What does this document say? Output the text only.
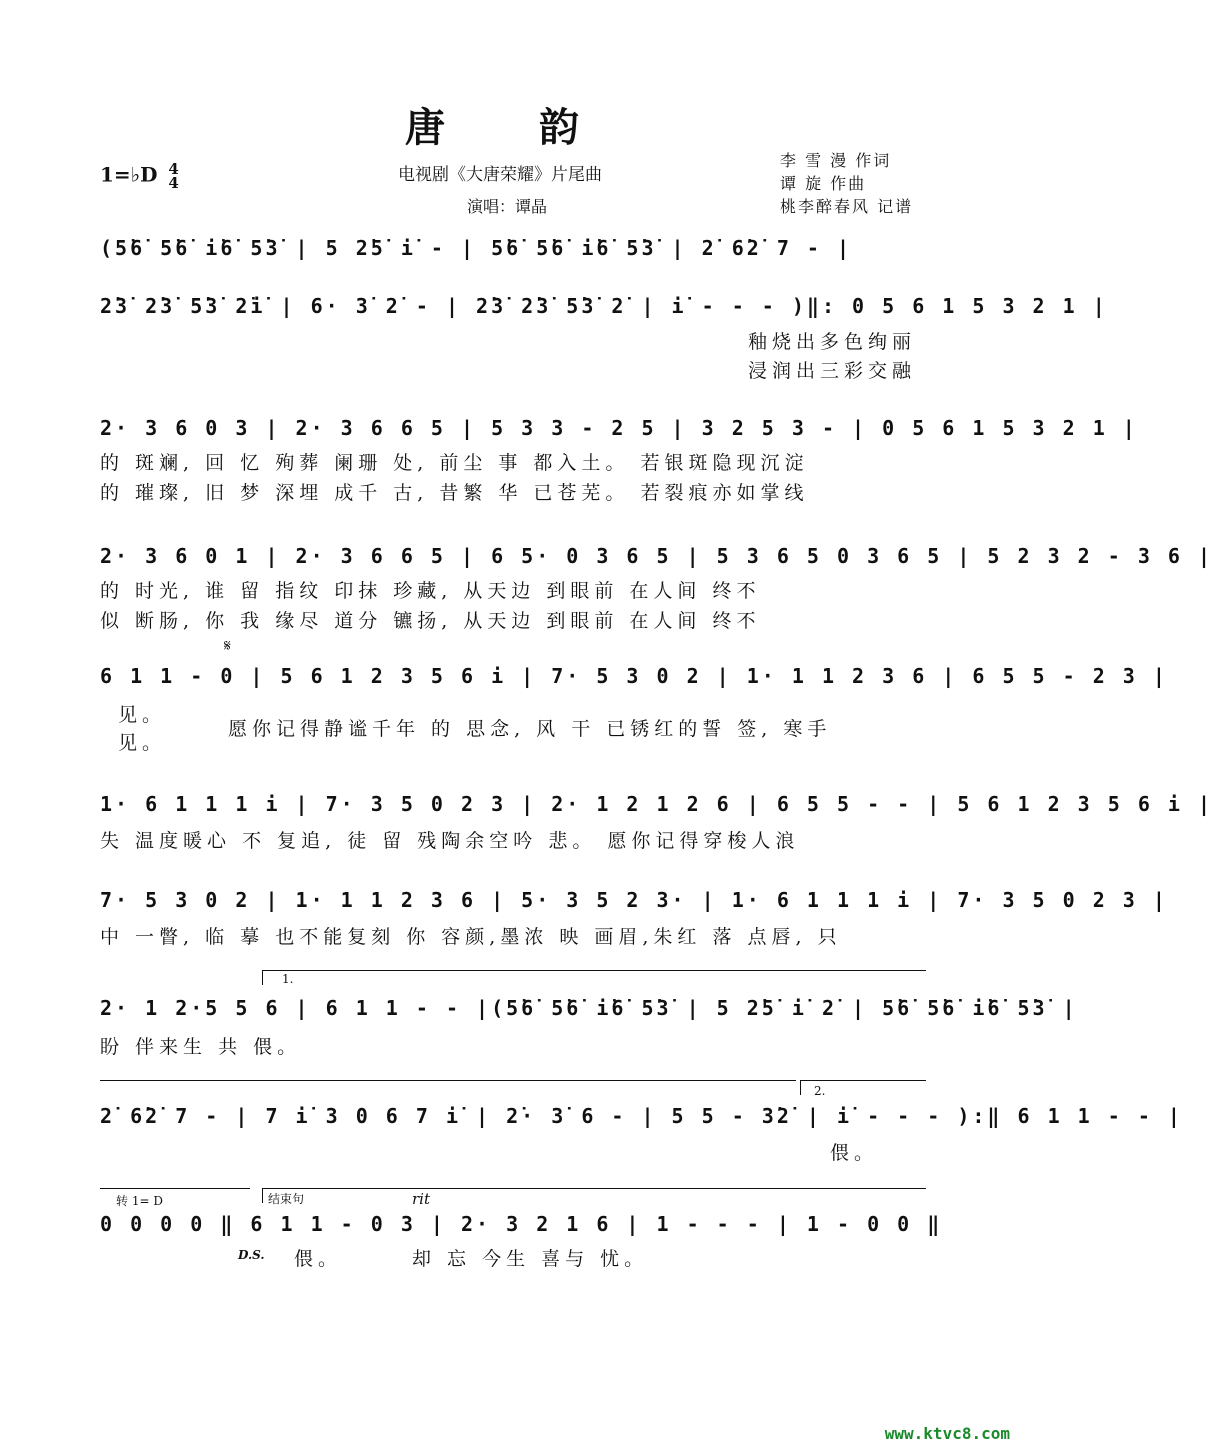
唐 韵
1=♭D 4
4	电视剧《大唐荣耀》片尾曲
演唱：谭晶
李 雪 漫 作词
谭 旋 作曲
桃李醉春风 记谱
(5̇6̇ 5̇6̇ i̇6̇ 5̇3̇ | 5 2̇5̇ i̇ - | 5̇6̇ 5̇6̇ i̇6̇ 5̇3̇ | 2̇ 6̇2̇ 7 - |
2̇3̇ 2̇3̇ 5̇3̇ 2̇i̇ | 6· 3̇ 2̇ - | 2̇3̇ 2̇3̇ 5̇3̇ 2̇ | i̇ - - - )‖: 0 5 6 1 5 3 2 1 |
釉烧出多色绚丽
浸润出三彩交融
2· 3 6 0 3 | 2· 3 6 6 5 | 5 3 3 - 2 5 | 3 2 5 3 - | 0 5 6 1 5 3 2 1 |
的 斑斓, 回 忆 殉葬 阑珊 处, 前尘 事 都入土。 若银斑隐现沉淀
的 璀璨, 旧 梦 深埋 成千 古, 昔繁 华 已苍芜。 若裂痕亦如掌线
2· 3 6 0 1 | 2· 3 6 6 5 | 6 5· 0 3 6 5 | 5 3 6 5 0 3 6 5 | 5 2 3 2 - 3 6 |
的 时光, 谁 留 指纹 印抹 珍藏, 从天边 到眼前 在人间 终不
似 断肠, 你 我 缘尽 道分 镳扬, 从天边 到眼前 在人间 终不
𝄋
6 1 1 - 0 | 5 6 1 2 3 5 6 i | 7· 5 3 0 2 | 1· 1 1 2 3 6 | 6 5 5 - 2 3 |
见。
见。
愿你记得静谧千年 的 思念, 风 干 已锈红的誓 签, 寒手
1· 6 1 1 1 i | 7· 3 5 0 2 3 | 2· 1 2 1 2 6 | 6 5 5 - - | 5 6 1 2 3 5 6 i |
失 温度暖心 不 复追, 徒 留 残陶余空吟 悲。 愿你记得穿梭人浪
7· 5 3 0 2 | 1· 1 1 2 3 6 | 5· 3 5 2 3· | 1· 6 1 1 1 i | 7· 3 5 0 2 3 |
中 一瞥, 临 摹 也不能复刻 你 容颜,墨浓 映 画眉,朱红 落 点唇, 只
1.
2· 1 2·5 5 6 | 6 1 1 - - |(5̇6̇ 5̇6̇ i̇6̇ 5̇3̇ | 5 2̇5̇ i̇ 2̇ | 5̇6̇ 5̇6̇ i̇6̇ 5̇3̇ |
盼 伴来生 共 偎。
2.
2̇ 6̇2̇ 7 - | 7 i̇ 3 0 6 7 i̇ | 2̇· 3̇ 6 - | 5 5 - 3̇2̇ | i̇ - - - ):‖ 6 1 1 - - |
偎。
转 1= D	结束句	rit
0 0 0 0 ‖ 6 1 1 - 0 3 | 2· 3 2 1 6 | 1 - - - | 1 - 0 0 ‖
D.S. 偎。	却 忘 今生 喜与 忧。
www.ktvc8.com
